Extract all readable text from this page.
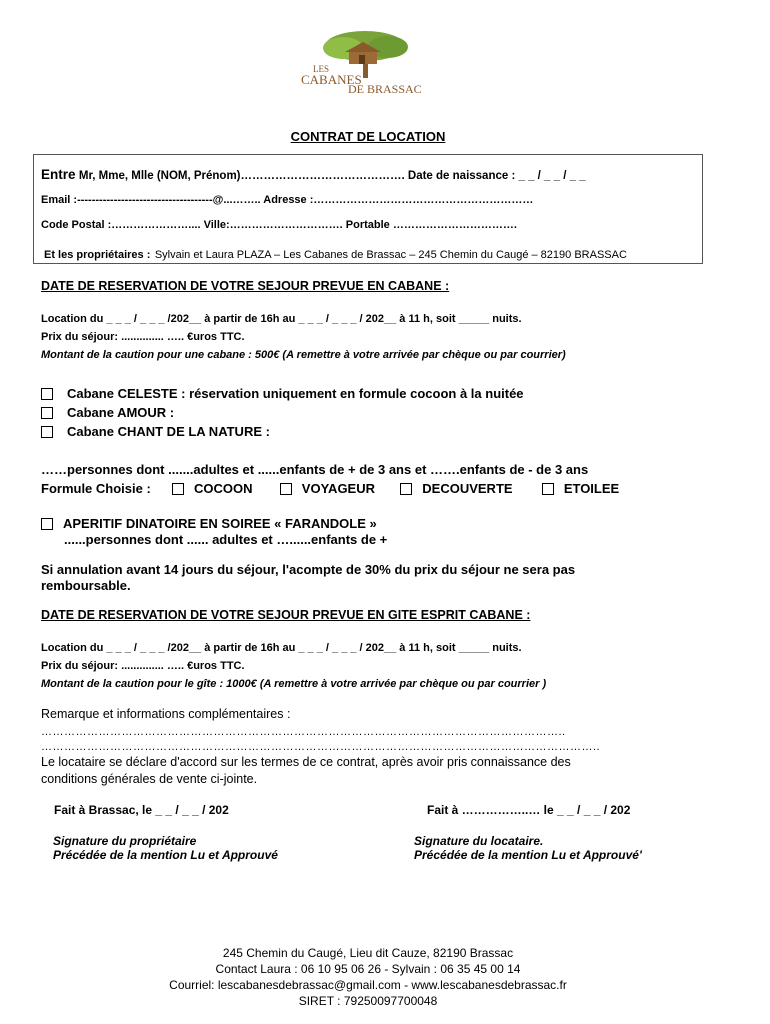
LES
CABANES
DE BRASSAC
CONTRAT DE LOCATION
Entre Mr, Mme, Mlle (NOM, Prénom)……………………………………. Date de naissance : _ _ / _ _ / _ _
Email :-------------------------------------@...…….. Adresse :……………………………………………………
Code Postal :………………….... Ville:…………………………. Portable …………………………….
Et les propriétaires : Sylvain et Laura PLAZA – Les Cabanes de Brassac – 245 Chemin du Caugé – 82190 BRASSAC
DATE DE RESERVATION DE VOTRE SEJOUR PREVUE EN CABANE :
Location du _ _ _ / _ _ _ /202__ à partir de 16h au _ _ _ / _ _ _ / 202__ à 11 h, soit _____ nuits.
Prix du séjour: .............. ….. €uros TTC.
Montant de la caution pour une cabane : 500€ (A remettre à votre arrivée par chèque ou par courrier)
Cabane CELESTE : réservation uniquement en formule cocoon à la nuitée
Cabane AMOUR :
Cabane CHANT DE LA NATURE :
……personnes dont .......adultes et ......enfants de + de 3 ans et …….enfants de - de 3 ans
Formule Choisie :	COCOON	VOYAGEUR	DECOUVERTE	ETOILEE
APERITIF DINATOIRE EN SOIREE « FARANDOLE »
......personnes dont ...... adultes et …......enfants de +
Si annulation avant 14 jours du séjour, l'acompte de 30% du prix du séjour ne sera pas
remboursable.
DATE DE RESERVATION DE VOTRE SEJOUR PREVUE EN GITE ESPRIT CABANE :
Location du _ _ _ / _ _ _ /202__ à partir de 16h au _ _ _ / _ _ _ / 202__ à 11 h, soit _____ nuits.
Prix du séjour: .............. ….. €uros TTC.
Montant de la caution pour le gîte : 1000€ (A remettre à votre arrivée par chèque ou par courrier )
Remarque et informations complémentaires :
………………………………………………………………………………………………………………………..
………………………………………………………………………………………………………………………………..
Le locataire se déclare d'accord sur les termes de ce contrat, après avoir pris connaissance des
conditions générales de vente ci-jointe.
Fait à Brassac, le _ _ / _ _ / 202	Fait à ……………..… le _ _ / _ _ / 202
Signature du propriétaire
Précédée de la mention Lu et Approuvé
Signature du locataire.
Précédée de la mention Lu et Approuvé'
245 Chemin du Caugé, Lieu dit Cauze, 82190 Brassac
Contact Laura : 06 10 95 06 26 - Sylvain : 06 35 45 00 14
Courriel: lescabanesdebrassac@gmail.com - www.lescabanesdebrassac.fr
SIRET : 79250097700048
